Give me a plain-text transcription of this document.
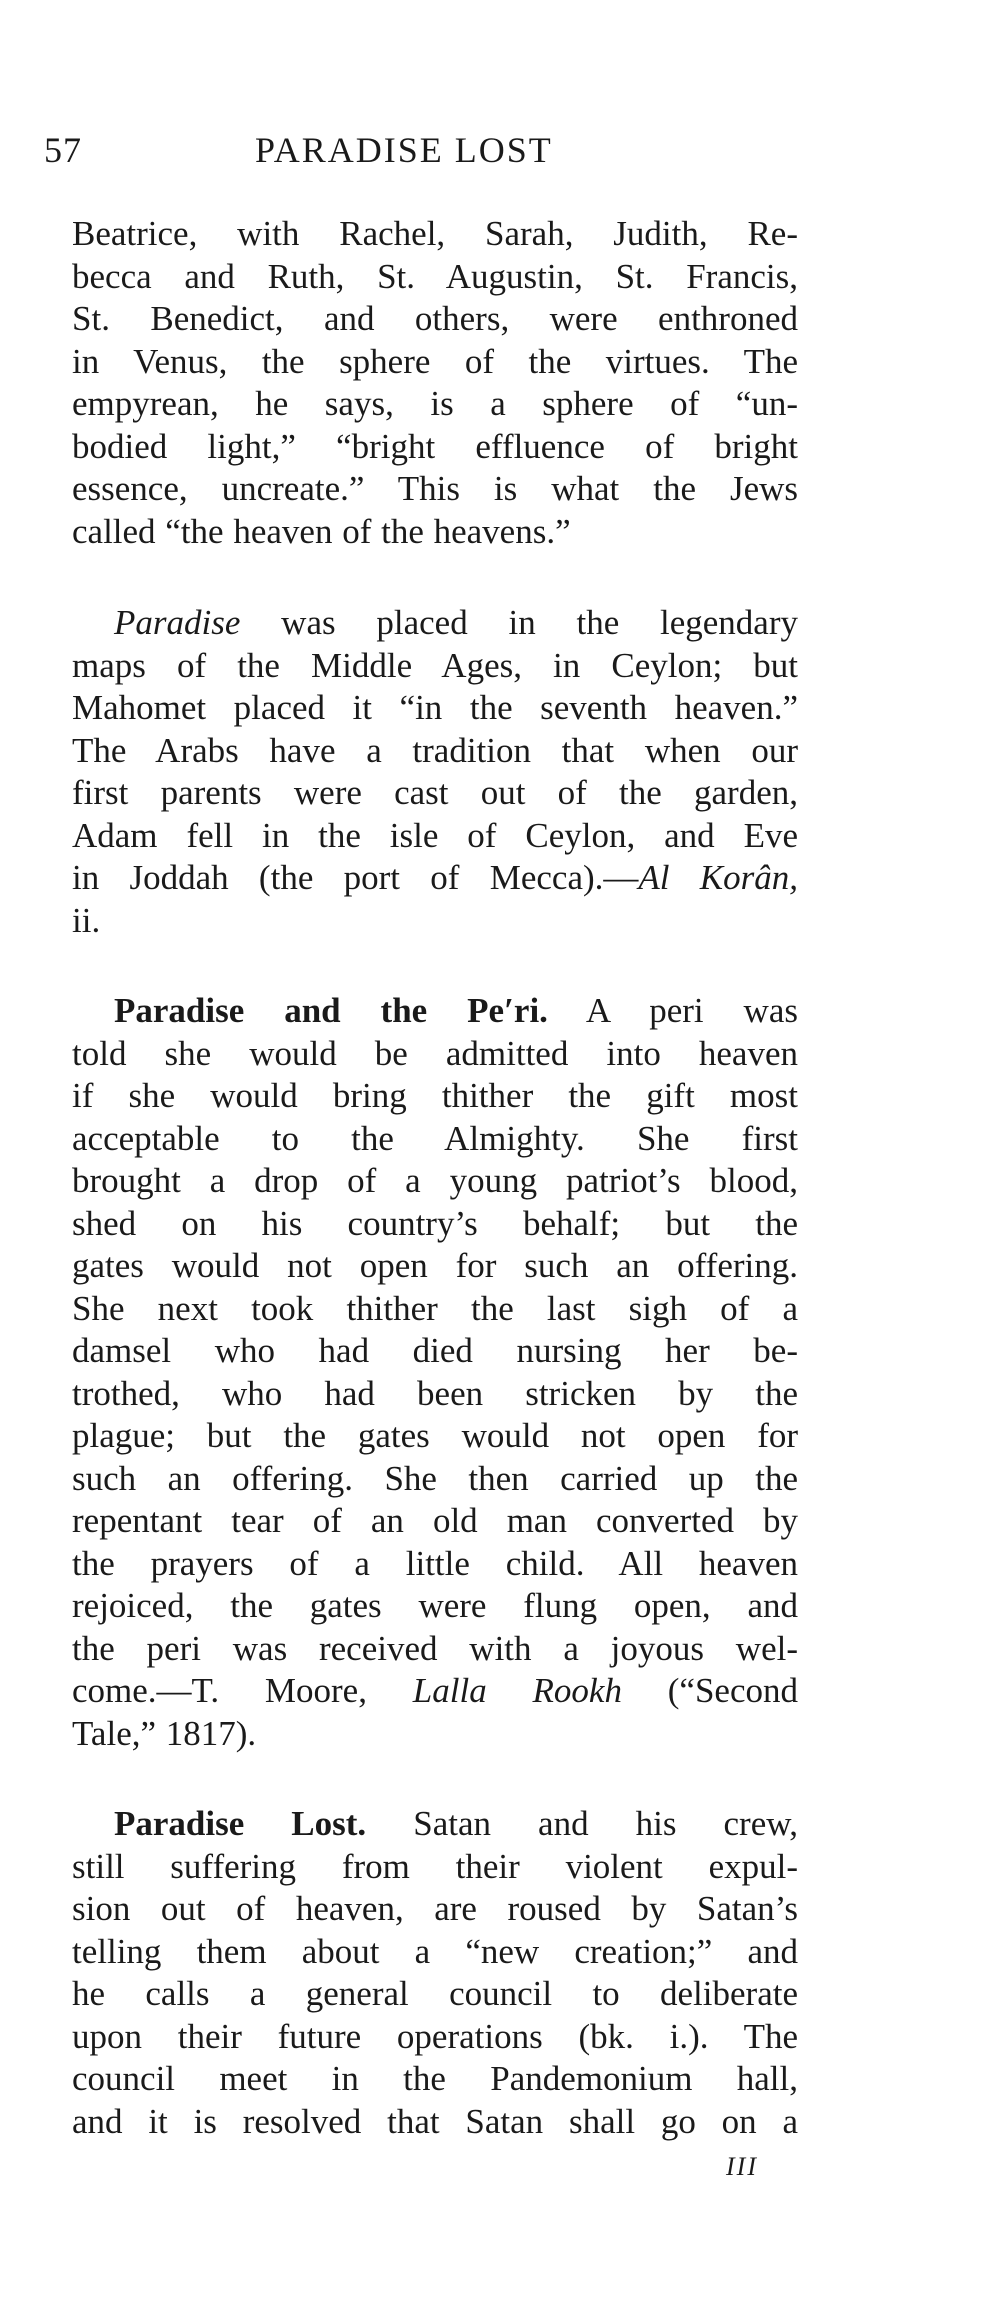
57	PARADISE LOST
Beatrice, with Rachel, Sarah, Judith, Re-
becca and Ruth, St. Augustin, St. Francis,
St. Benedict, and others, were enthroned
in Venus, the sphere of the virtues. The
empyrean, he says, is a sphere of “un-
bodied light,” “bright effluence of bright
essence, uncreate.” This is what the Jews
called “the heaven of the heavens.”
Paradise was placed in the legendary
maps of the Middle Ages, in Ceylon; but
Mahomet placed it “in the seventh heaven.”
The Arabs have a tradition that when our
first parents were cast out of the garden,
Adam fell in the isle of Ceylon, and Eve
in Joddah (the port of Mecca).—Al Korân,
ii.
Paradise and the Pe′ri. A peri was
told she would be admitted into heaven
if she would bring thither the gift most
acceptable to the Almighty. She first
brought a drop of a young patriot’s blood,
shed on his country’s behalf; but the
gates would not open for such an offering.
She next took thither the last sigh of a
damsel who had died nursing her be-
trothed, who had been stricken by the
plague; but the gates would not open for
such an offering. She then carried up the
repentant tear of an old man converted by
the prayers of a little child. All heaven
rejoiced, the gates were flung open, and
the peri was received with a joyous wel-
come.—T. Moore, Lalla Rookh (“Second
Tale,” 1817).
Paradise Lost. Satan and his crew,
still suffering from their violent expul-
sion out of heaven, are roused by Satan’s
telling them about a “new creation;” and
he calls a general council to deliberate
upon their future operations (bk. i.). The
council meet in the Pandemonium hall,
and it is resolved that Satan shall go on a
III
